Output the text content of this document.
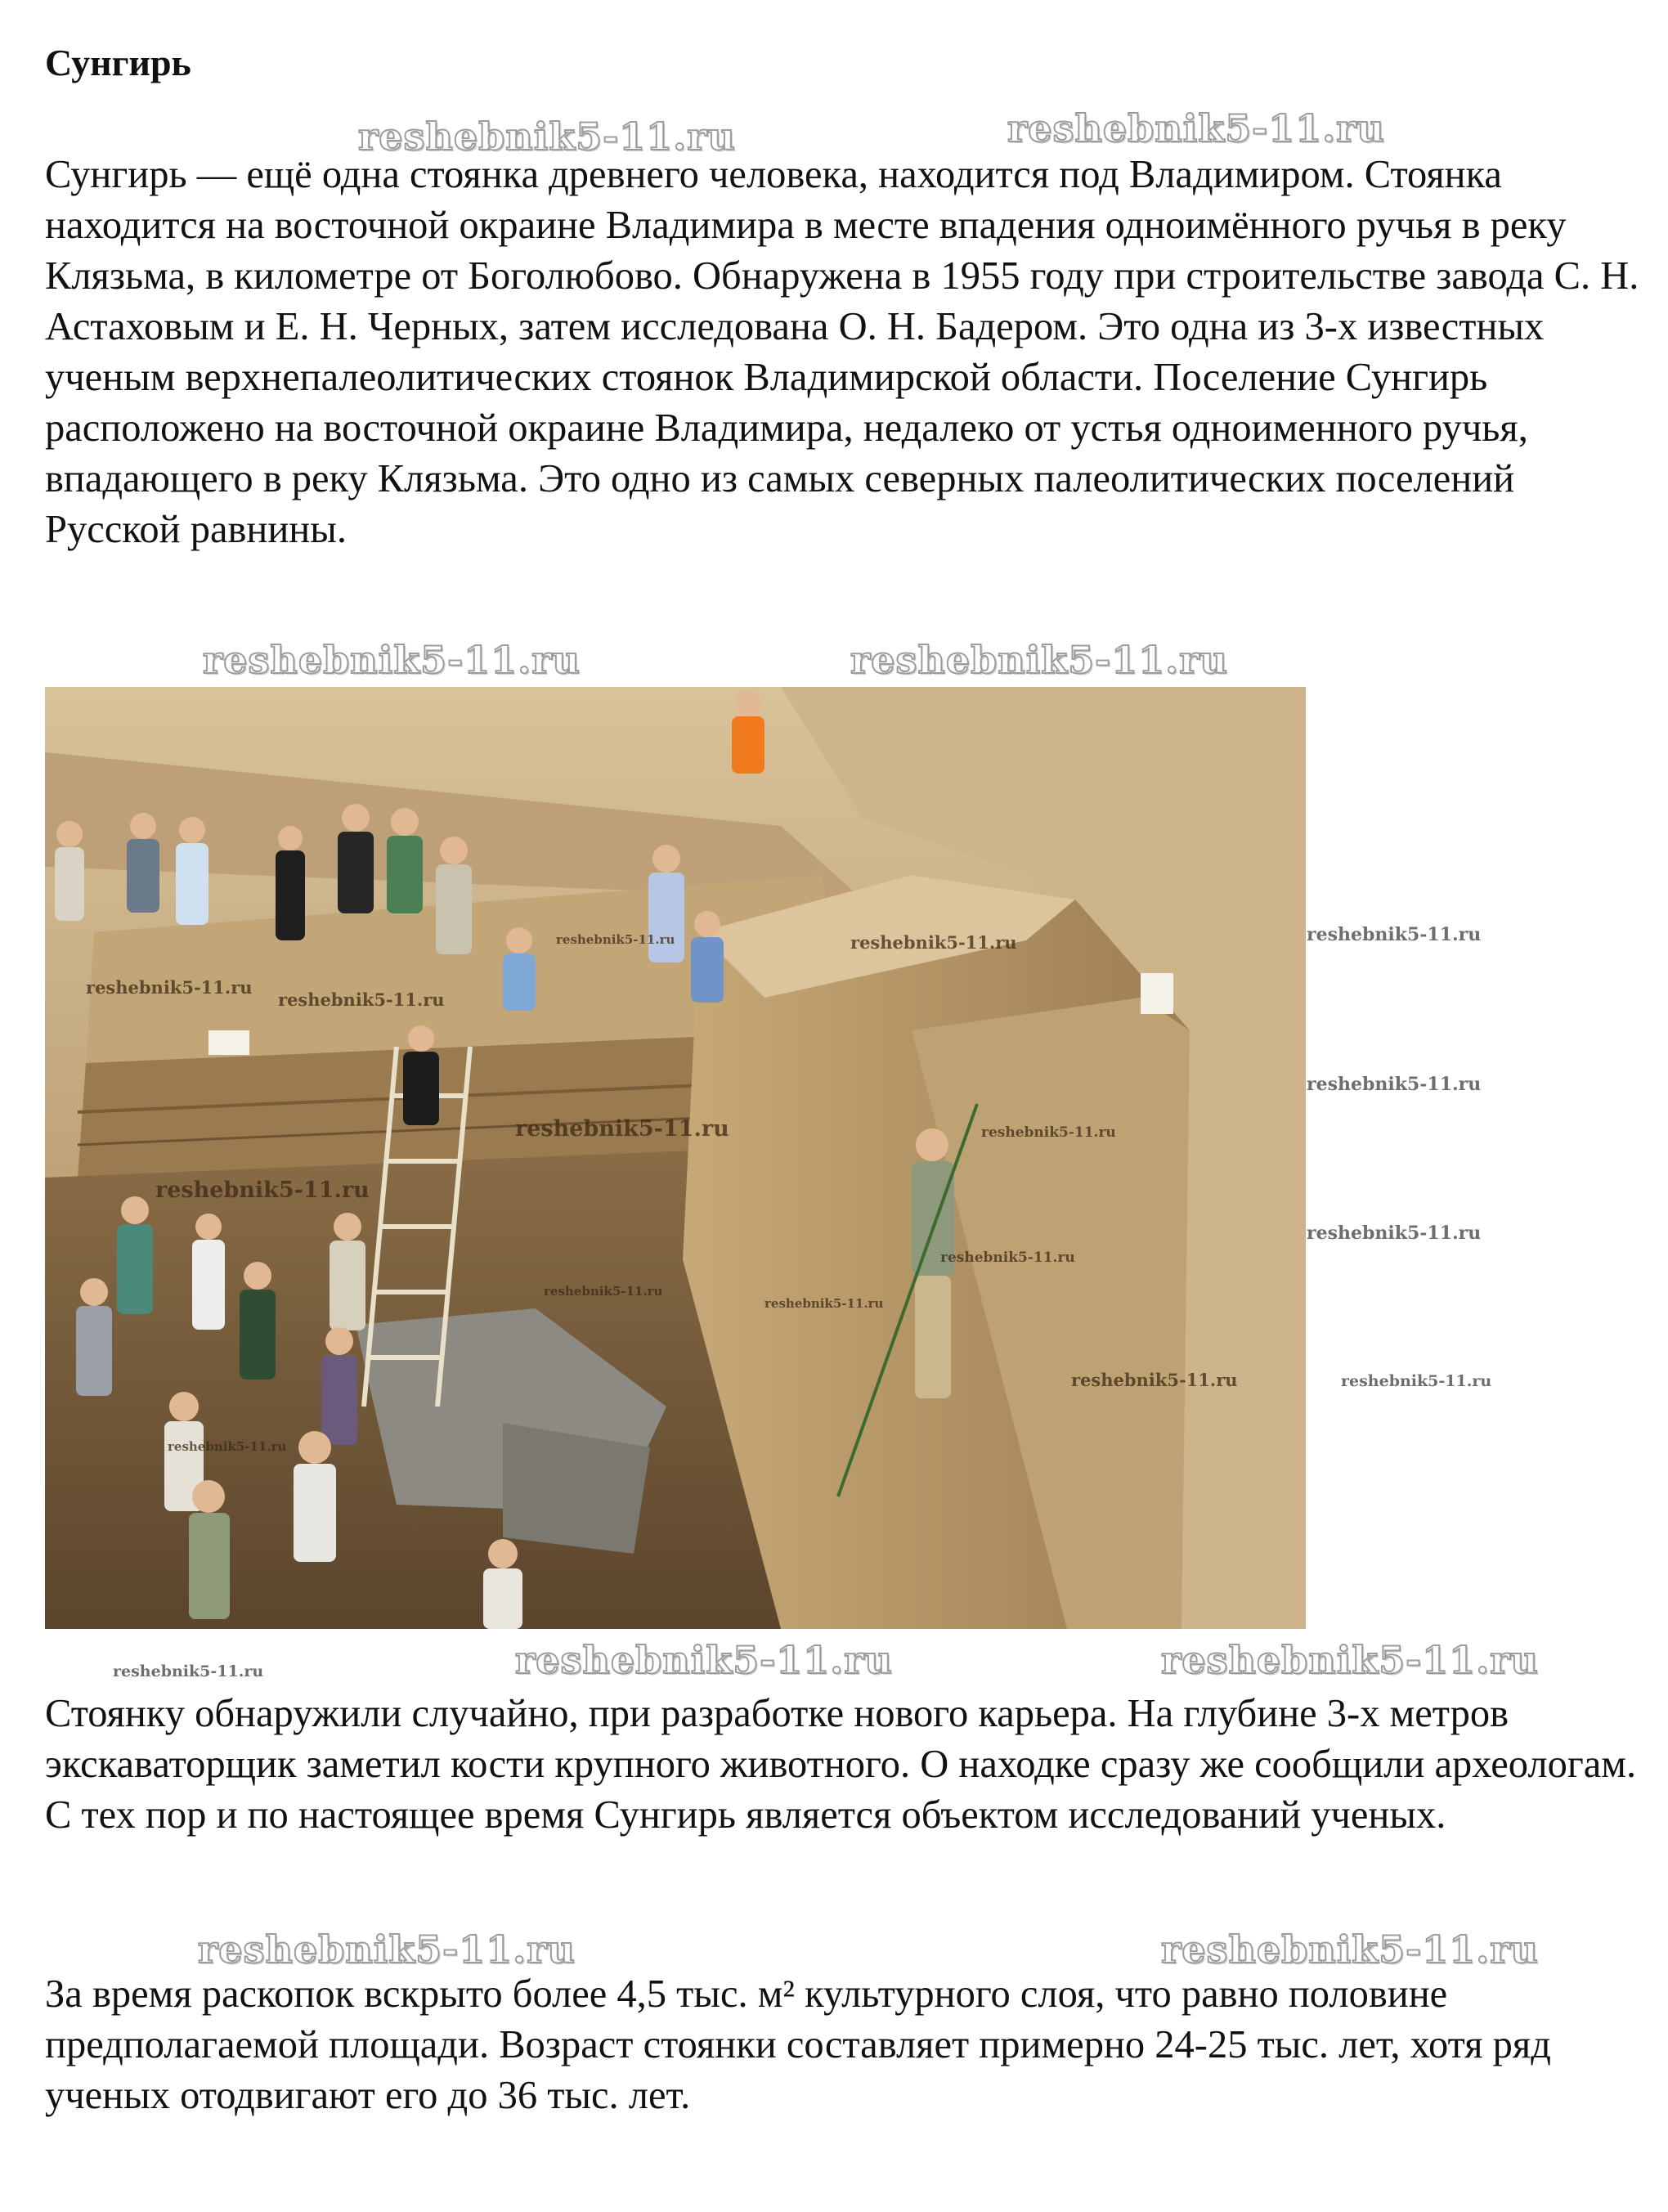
Сунгирь
reshebnik5-11.ru	reshebnik5-11.ru

Сунгирь — ещё одна стоянка древнего человека, находится под Владимиром. Стоянка находится на восточной окраине Владимира в месте впадения одноимённого ручья в реку Клязьма, в километре от Боголюбово. Обнаружена в 1955 году при строительстве завода С. Н. Астаховым и Е. Н. Черных, затем исследована О. Н. Бадером. Это одна из 3-х известных ученым верхнепалеолитических стоянок Владимирской области. Поселение Сунгирь расположено на восточной окраине Владимира, недалеко от устья одноименного ручья, впадающего в реку Клязьма. Это одно из самых северных палеолитических поселений Русской равнины.

reshebnik5-11.ru	reshebnik5-11.ru
reshebnik5-11.ru	reshebnik5-11.ru
reshebnik5-11.ru
reshebnik5-11.ru
reshebnik5-11.ru	reshebnik5-11.ru
reshebnik5-11.ru
reshebnik5-11.ru
reshebnik5-11.ru
reshebnik5-11.ru
reshebnik5-11.ru
reshebnik5-11.ru
reshebnik5-11.ru
reshebnik5-11.ru
reshebnik5-11.ru
reshebnik5-11.ru
reshebnik5-11.ru	reshebnik5-11.ru	reshebnik5-11.ru

Стоянку обнаружили случайно, при разработке нового карьера. На глубине 3-х метров экскаваторщик заметил кости крупного животного. О находке сразу же сообщили археологам. С тех пор и по настоящее время Сунгирь является объектом исследований ученых.

reshebnik5-11.ru	reshebnik5-11.ru

За время раскопок вскрыто более 4,5 тыс. м² культурного слоя, что равно половине предполагаемой площади. Возраст стоянки составляет примерно 24-25 тыс. лет, хотя ряд ученых отодвигают его до 36 тыс. лет.
